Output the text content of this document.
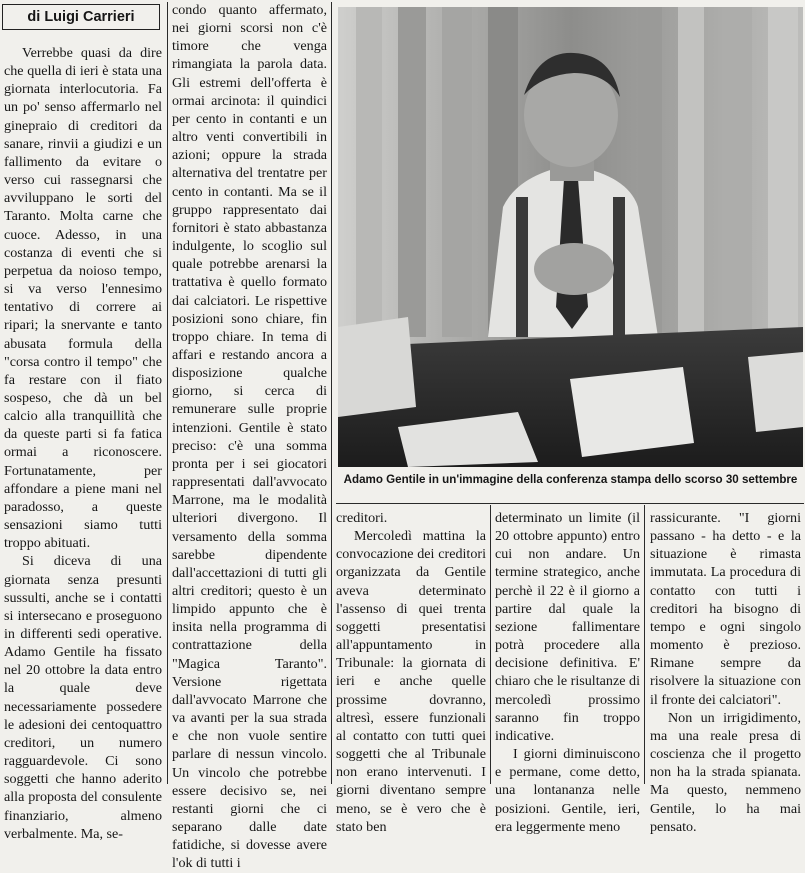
di Luigi Carrieri

Verrebbe quasi da dire che quella di ieri è stata una giornata interlocutoria. Fa un po' senso affermarlo nel ginepraio di creditori da sanare, rinvii a giudizi e un fallimento da evitare o verso cui rassegnarsi che avviluppano le sorti del Taranto. Molta carne che cuoce. Adesso, in una costanza di eventi che si perpetua da noioso tempo, si va verso l'ennesimo tentativo di correre ai ripari; la snervante e tanto abusata formula della "corsa contro il tempo" che fa restare con il fiato sospeso, che dà un bel calcio alla tranquillità che da queste parti si fa fatica ormai a riconoscere. Fortunatamente, per affondare a piene mani nel paradosso, a queste sensazioni siamo tutti troppo abituati.

Si diceva di una giornata senza presunti sussulti, anche se i contatti si intersecano e proseguono in differenti sedi operative. Adamo Gentile ha fissato nel 20 ottobre la data entro la quale deve necessariamente possedere le adesioni dei centoquattro creditori, un numero ragguardevole. Ci sono soggetti che hanno aderito alla proposta del consulente finanziario, almeno verbalmente. Ma, se-

condo quanto affermato, nei giorni scorsi non c'è timore che venga rimangiata la parola data. Gli estremi dell'offerta è ormai arcinota: il quindici per cento in contanti e un altro venti convertibili in azioni; oppure la strada alternativa del trentatre per cento in contanti. Ma se il gruppo rappresentato dai fornitori è stato abbastanza indulgente, lo scoglio sul quale potrebbe arenarsi la trattativa è quello formato dai calciatori. Le rispettive posizioni sono chiare, fin troppo chiare. In tema di affari e restando ancora a disposizione qualche giorno, si cerca di remunerare sulle proprie intenzioni. Gentile è stato preciso: c'è una somma pronta per i sei giocatori rappresentati dall'avvocato Marrone, ma le modalità ulteriori divergono. Il versamento della somma sarebbe dipendente dall'accettazioni di tutti gli altri creditori; questo è un limpido appunto che è insita nella programma di contrattazione della "Magica Taranto". Versione rigettata dall'avvocato Marrone che va avanti per la sua strada e che non vuole sentire parlare di nessun vincolo. Un vincolo che potrebbe essere decisivo se, nei restanti giorni che ci separano dalle date fatidiche, si dovesse avere l'ok di tutti i

Adamo Gentile in un'immagine della conferenza stampa dello scorso 30 settembre

creditori.

Mercoledì mattina la convocazione dei creditori organizzata da Gentile aveva determinato l'assenso di quei trenta soggetti presentatisi all'appuntamento in Tribunale: la giornata di ieri e anche quelle prossime dovranno, altresì, essere funzionali al contatto con tutti quei soggetti che al Tribunale non erano intervenuti. I giorni diventano sempre meno, se è vero che è stato ben

determinato un limite (il 20 ottobre appunto) entro cui non andare. Un termine strategico, anche perchè il 22 è il giorno a partire dal quale la sezione fallimentare potrà procedere alla decisione definitiva. E' chiaro che le risultanze di mercoledì prossimo saranno fin troppo indicative.

I giorni diminuiscono e permane, come detto, una lontananza nelle posizioni. Gentile, ieri, era leggermente meno

rassicurante. "I giorni passano - ha detto - e la situazione è rimasta immutata. La procedura di contatto con tutti i creditori ha bisogno di tempo e ogni singolo momento è prezioso. Rimane sempre da risolvere la situazione con il fronte dei calciatori".

Non un irrigidimento, ma una reale presa di coscienza che il progetto non ha la strada spianata. Ma questo, nemmeno Gentile, lo ha mai pensato.
